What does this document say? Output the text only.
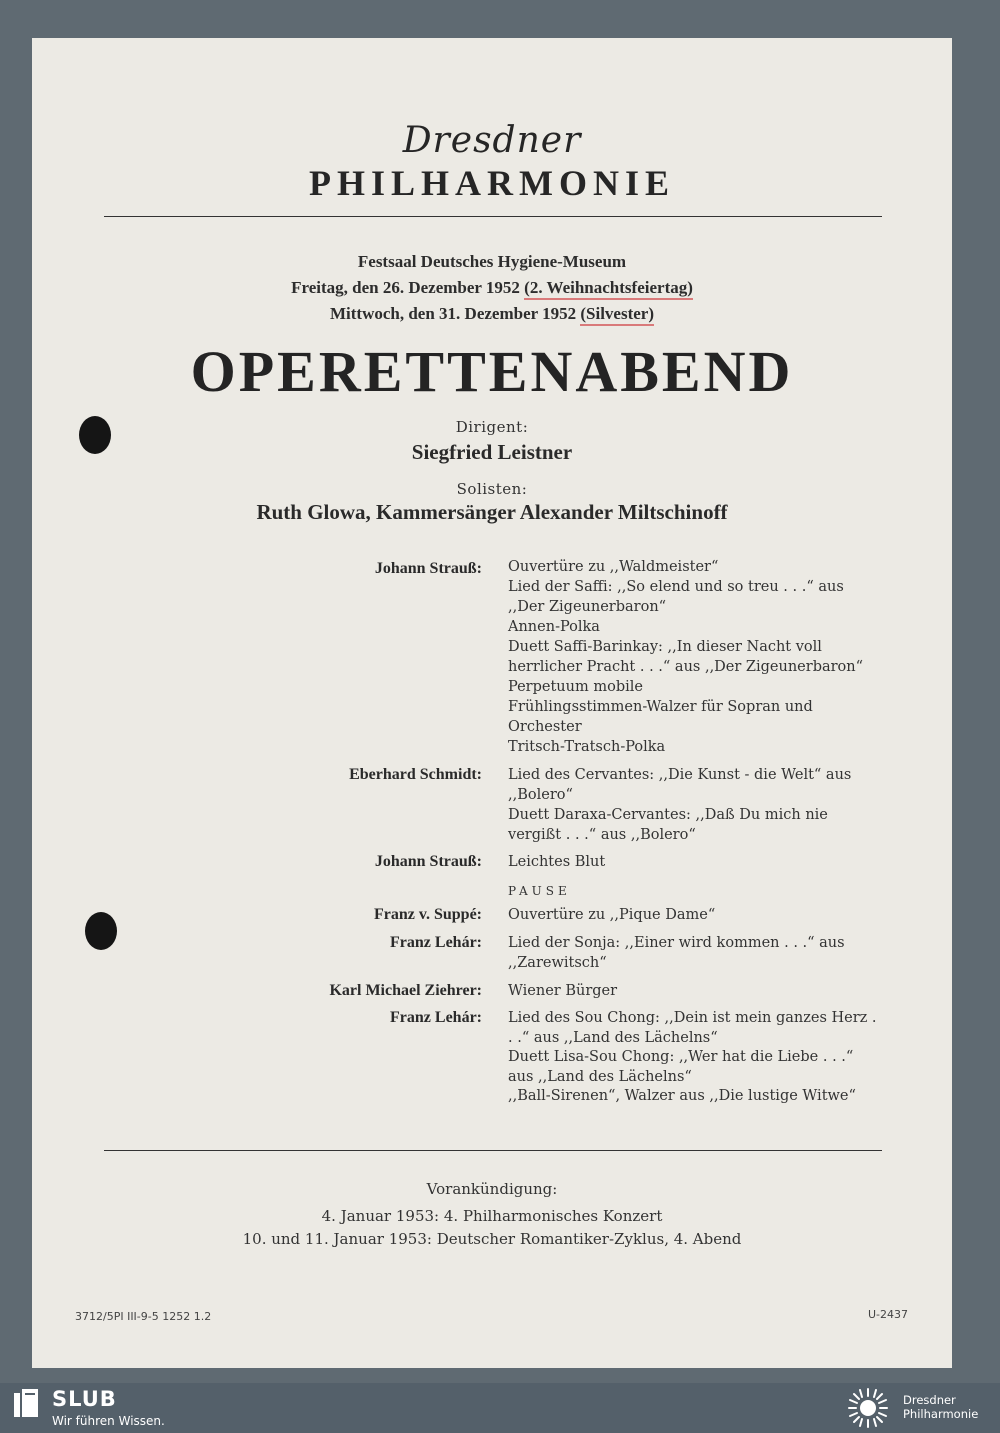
Dresdner
PHILHARMONIE
Festsaal Deutsches Hygiene-Museum
Freitag, den 26. Dezember 1952 (2. Weihnachtsfeiertag)
Mittwoch, den 31. Dezember 1952 (Silvester)
OPERETTENABEND
Dirigent:
Siegfried Leistner
Solisten:
Ruth Glowa, Kammersänger Alexander Miltschinoff
Johann Strauß:
Eberhard Schmidt:
Johann Strauß:
Franz v. Suppé:
Franz Lehár:
Karl Michael Ziehrer:
Franz Lehár:
Ouvertüre zu ,,Waldmeister“
Lied der Saffi: ,,So elend und so treu . . .“ aus ,,Der Zigeunerbaron“
Annen-Polka
Duett Saffi-Barinkay: ,,In dieser Nacht voll herrlicher Pracht . . .“ aus ,,Der Zigeunerbaron“
Perpetuum mobile
Frühlingsstimmen-Walzer für Sopran und Orchester
Tritsch-Tratsch-Polka
Lied des Cervantes: ,,Die Kunst - die Welt“ aus ,,Bolero“
Duett Daraxa-Cervantes: ,,Daß Du mich nie vergißt . . .“ aus ,,Bolero“
Leichtes Blut
PAUSE
Ouvertüre zu ,,Pique Dame“
Lied der Sonja: ,,Einer wird kommen . . .“ aus ,,Zarewitsch“
Wiener Bürger
Lied des Sou Chong: ,,Dein ist mein ganzes Herz . . .“ aus ,,Land des Lächelns“
Duett Lisa-Sou Chong: ,,Wer hat die Liebe . . .“ aus ,,Land des Lächelns“
,,Ball-Sirenen“, Walzer aus ,,Die lustige Witwe“
Vorankündigung:
4. Januar 1953: 4. Philharmonisches Konzert
10. und 11. Januar 1953: Deutscher Romantiker-Zyklus, 4. Abend
3712/5PI III-9-5 1252 1.2	U-2437
SLUB
Wir führen Wissen.
Dresdner
Philharmonie
